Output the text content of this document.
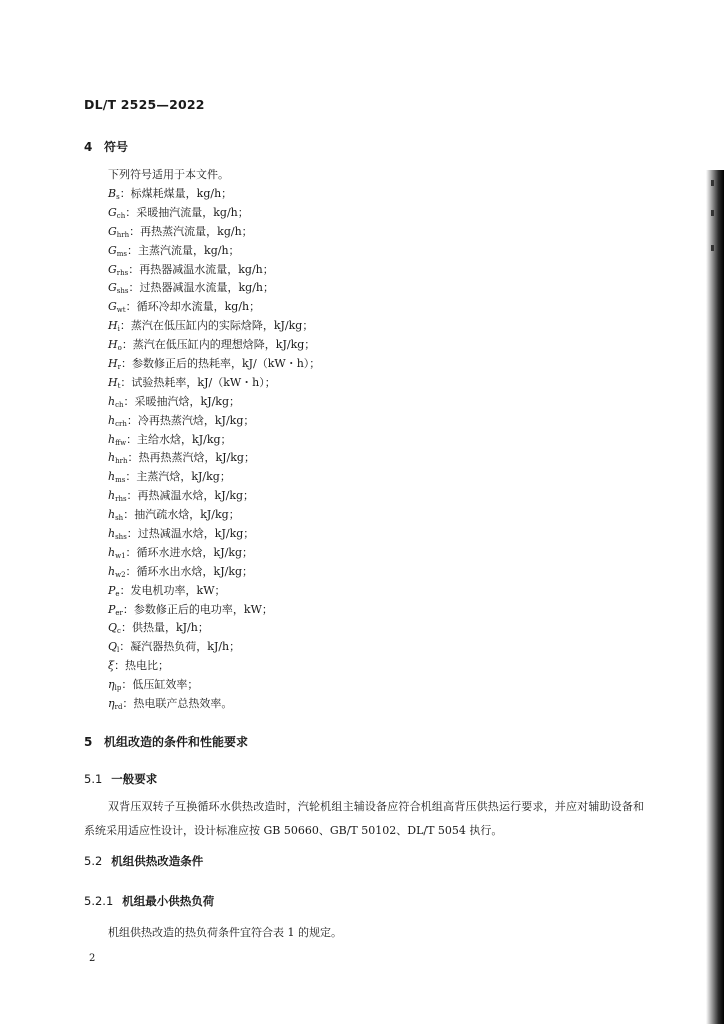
DL/T 2525—2022
4 符号
下列符号适用于本文件。
$B_s$：标煤耗煤量，kg/h；
$G_{ch}$：采暖抽汽流量，kg/h；
$G_{hrh}$：再热蒸汽流量，kg/h；
$G_{ms}$：主蒸汽流量，kg/h；
$G_{rhs}$：再热器减温水流量，kg/h；
$G_{shs}$：过热器减温水流量，kg/h；
$G_{wt}$：循环冷却水流量，kg/h；
$H_i$：蒸汽在低压缸内的实际焓降，kJ/kg；
$H_o$：蒸汽在低压缸内的理想焓降，kJ/kg；
$H_r$：参数修正后的热耗率，kJ/（kW・h）；
$H_t$：试验热耗率，kJ/（kW・h）；
$h_{ch}$：采暖抽汽焓，kJ/kg；
$h_{crh}$：冷再热蒸汽焓，kJ/kg；
$h_{ffw}$：主给水焓，kJ/kg；
$h_{hrh}$：热再热蒸汽焓，kJ/kg；
$h_{ms}$：主蒸汽焓，kJ/kg；
$h_{rhs}$：再热减温水焓，kJ/kg；
$h_{sh}$：抽汽疏水焓，kJ/kg；
$h_{shs}$：过热减温水焓，kJ/kg；
$h_{w1}$：循环水进水焓，kJ/kg；
$h_{w2}$：循环水出水焓，kJ/kg；
$P_e$：发电机功率，kW；
$P_{er}$：参数修正后的电功率，kW；
$Q_c$：供热量，kJ/h；
$Q_l$：凝汽器热负荷，kJ/h；
ξ：热电比；
$\eta_{lp}$：低压缸效率；
$\eta_{rd}$：热电联产总热效率。
5 机组改造的条件和性能要求
5.1 一般要求
双背压双转子互换循环水供热改造时，汽轮机组主辅设备应符合机组高背压供热运行要求，并应对辅助设备和系统采用适应性设计，设计标准应按 GB 50660、GB/T 50102、DL/T 5054 执行。
5.2 机组供热改造条件
5.2.1 机组最小供热负荷
机组供热改造的热负荷条件宜符合表 1 的规定。
2
